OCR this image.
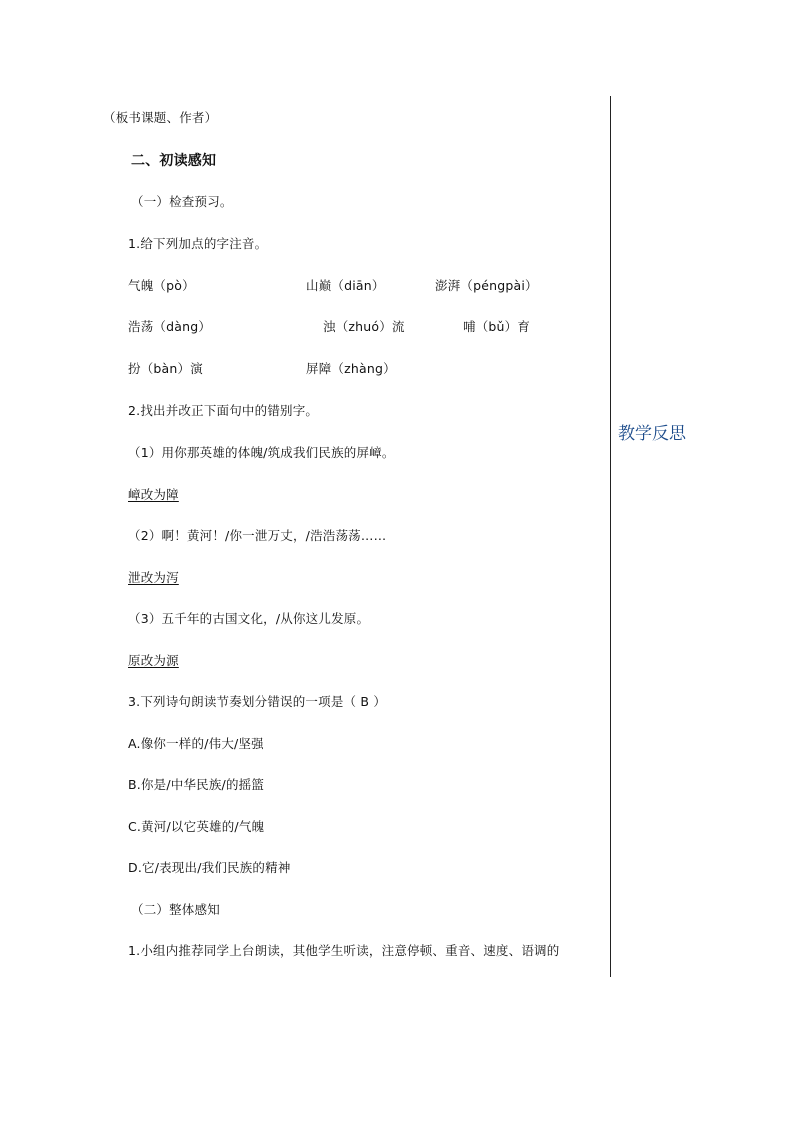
（板书课题、作者）
二、初读感知
（一）检查预习。
1.给下列加点的字注音。
气魄（pò）	山巅（diān）	澎湃（péngpài）
浩荡（dàng）	浊（zhuó）流	哺（bǔ）育
扮（bàn）演	屏障（zhàng）
2.找出并改正下面句中的错别字。
（1）用你那英雄的体魄/筑成我们民族的屏嶂。
嶂改为障
（2）啊！黄河！/你一泄万丈，/浩浩荡荡……
泄改为泻
（3）五千年的古国文化，/从你这儿发原。
原改为源
3.下列诗句朗读节奏划分错误的一项是（ B ）
A.像你一样的/伟大/坚强
B.你是/中华民族/的摇篮
C.黄河/以它英雄的/气魄
D.它/表现出/我们民族的精神
（二）整体感知
1.小组内推荐同学上台朗读，其他学生听读，注意停顿、重音、速度、语调的
教学反思
